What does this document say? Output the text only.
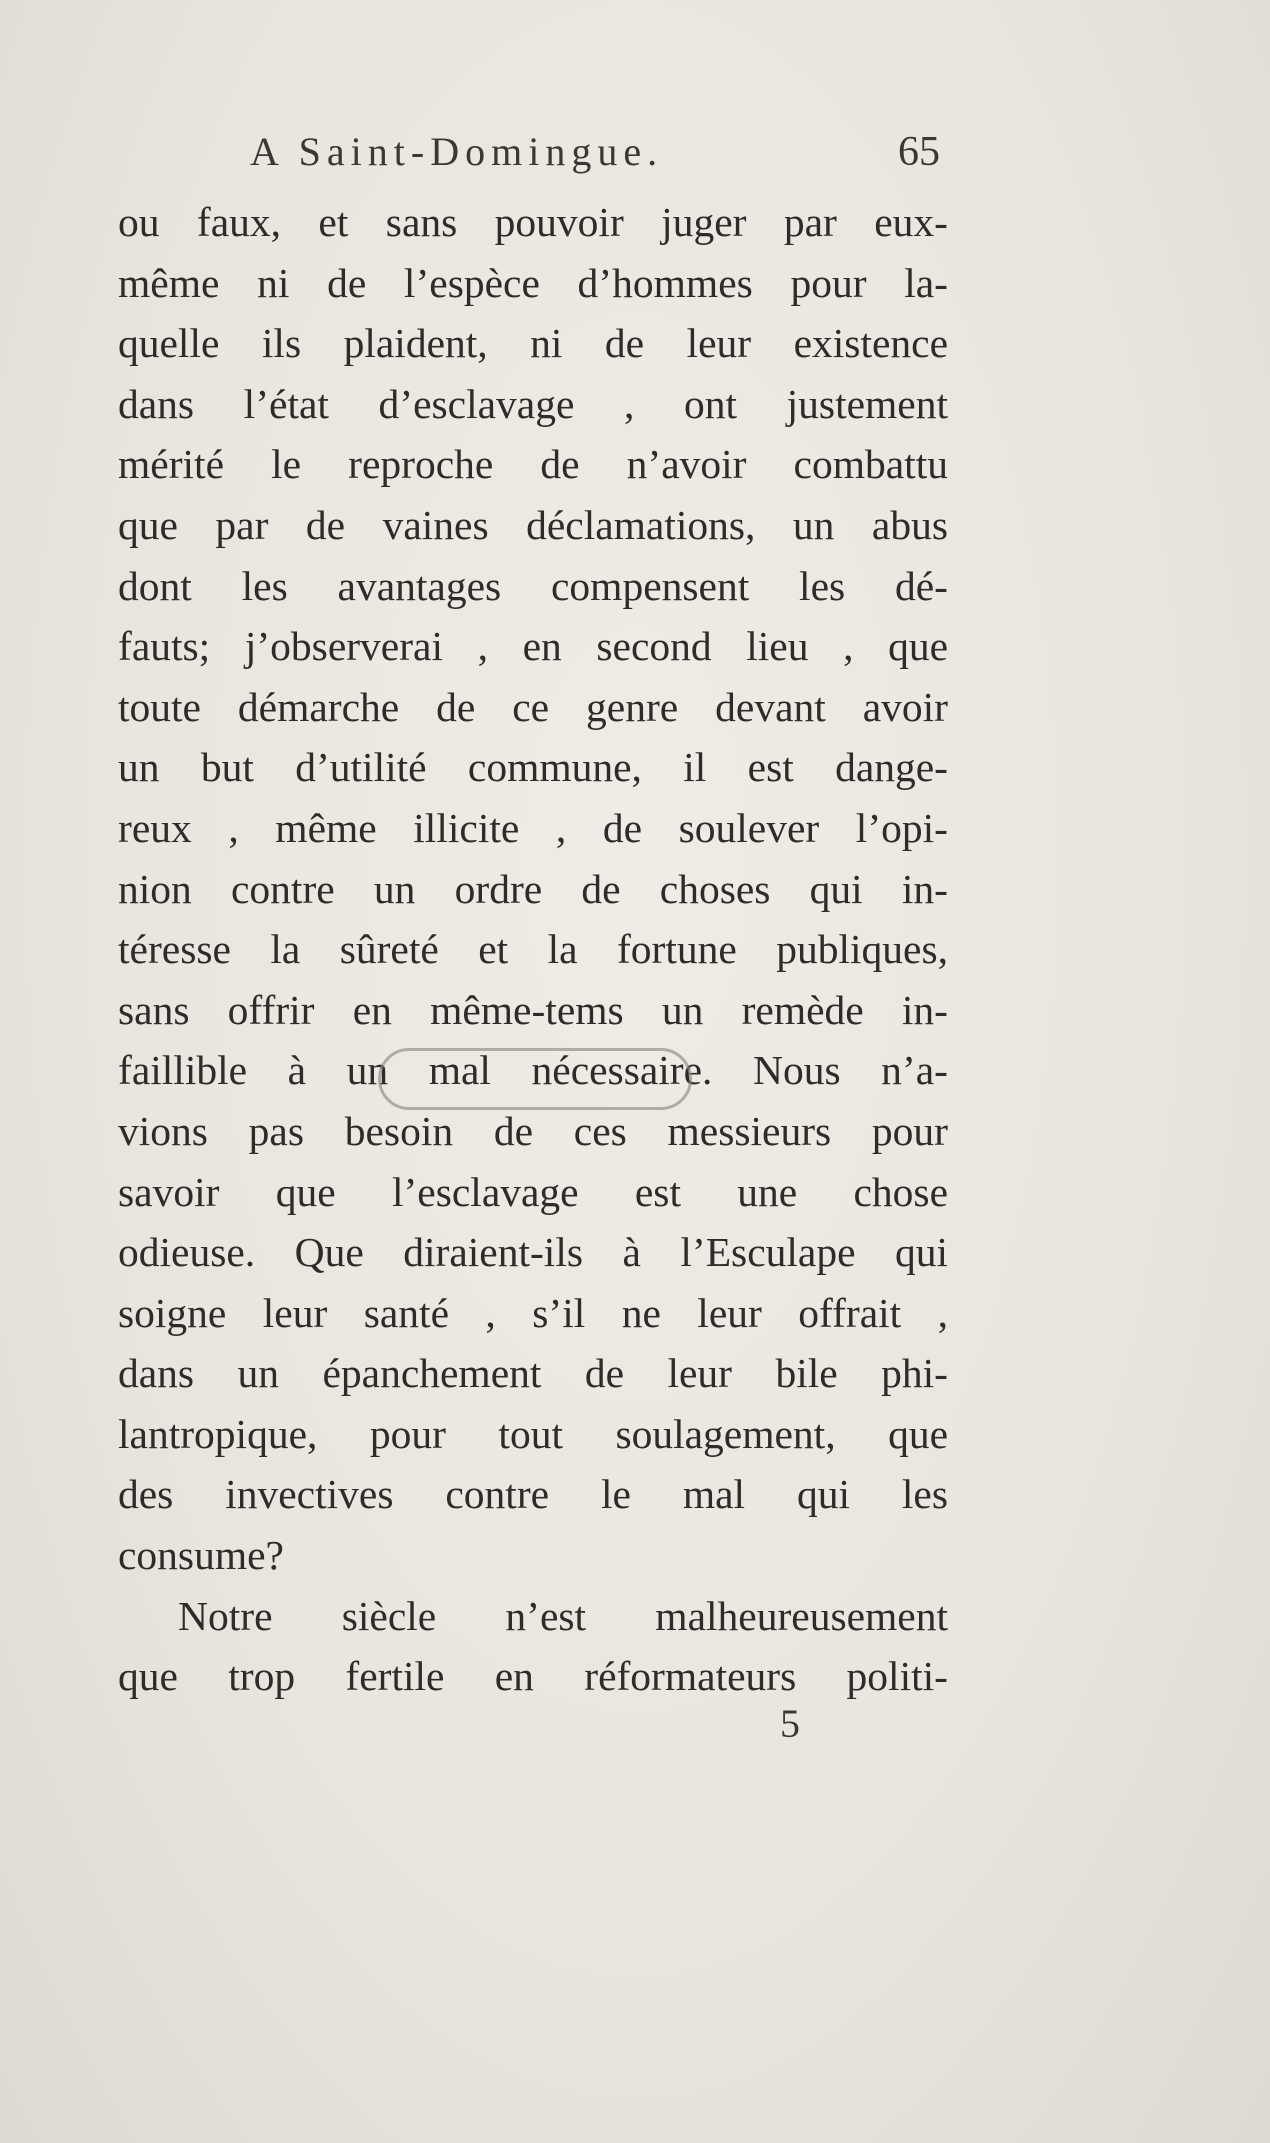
A Saint-Domingue.	65
ou faux, et sans pouvoir juger par eux-
même ni de l’espèce d’hommes pour la-
quelle ils plaident, ni de leur existence
dans l’état d’esclavage , ont justement
mérité le reproche de n’avoir combattu
que par de vaines déclamations, un abus
dont les avantages compensent les dé-
fauts; j’observerai , en second lieu , que
toute démarche de ce genre devant avoir
un but d’utilité commune, il est dange-
reux , même illicite , de soulever l’opi-
nion contre un ordre de choses qui in-
téresse la sûreté et la fortune publiques,
sans offrir en même-tems un remède in-
faillible à un mal nécessaire. Nous n’a-
vions pas besoin de ces messieurs pour
savoir que l’esclavage est une chose
odieuse. Que diraient-ils à l’Esculape qui
soigne leur santé , s’il ne leur offrait ,
dans un épanchement de leur bile phi-
lantropique, pour tout soulagement, que
des invectives contre le mal qui les
consume?
Notre siècle n’est malheureusement
que trop fertile en réformateurs politi-
5
